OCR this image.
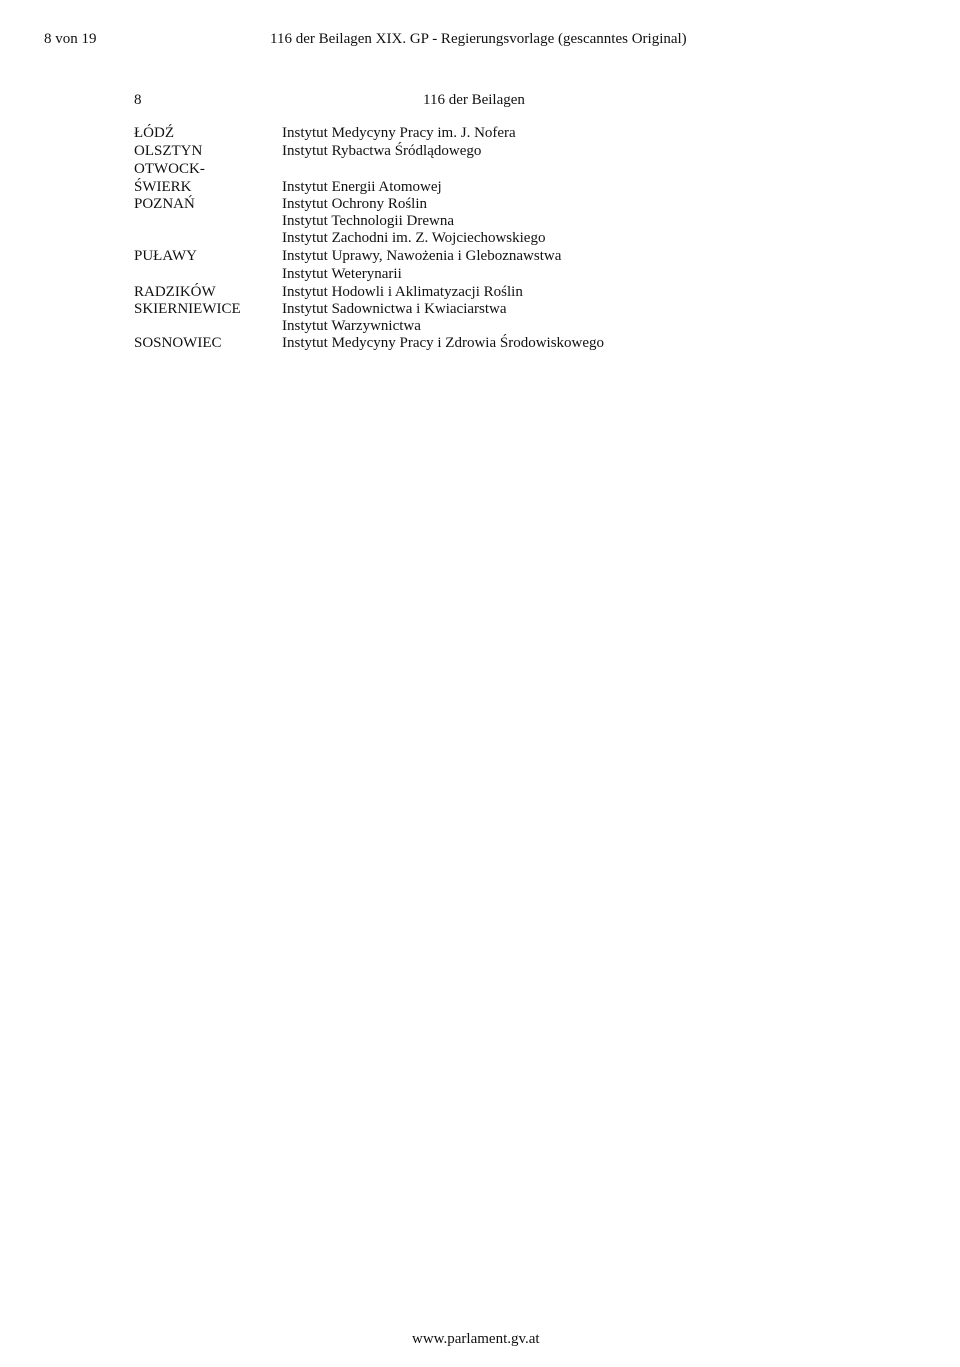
8 von 19	116 der Beilagen XIX. GP - Regierungsvorlage (gescanntes Original)
8	116 der Beilagen
ŁÓDŹ
OLSZTYN
OTWOCK-
ŚWIERK
POZNAŃ
PUŁAWY
RADZIKÓW
SKIERNIEWICE
SOSNOWIEC
Instytut Medycyny Pracy im. J. Nofera
Instytut Rybactwa Śródlądowego
Instytut Energii Atomowej
Instytut Ochrony Roślin
Instytut Technologii Drewna
Instytut Zachodni im. Z. Wojciechowskiego
Instytut Uprawy, Nawożenia i Gleboznawstwa
Instytut Weterynarii
Instytut Hodowli i Aklimatyzacji Roślin
Instytut Sadownictwa i Kwiaciarstwa
Instytut Warzywnictwa
Instytut Medycyny Pracy i Zdrowia Środowiskowego
www.parlament.gv.at
